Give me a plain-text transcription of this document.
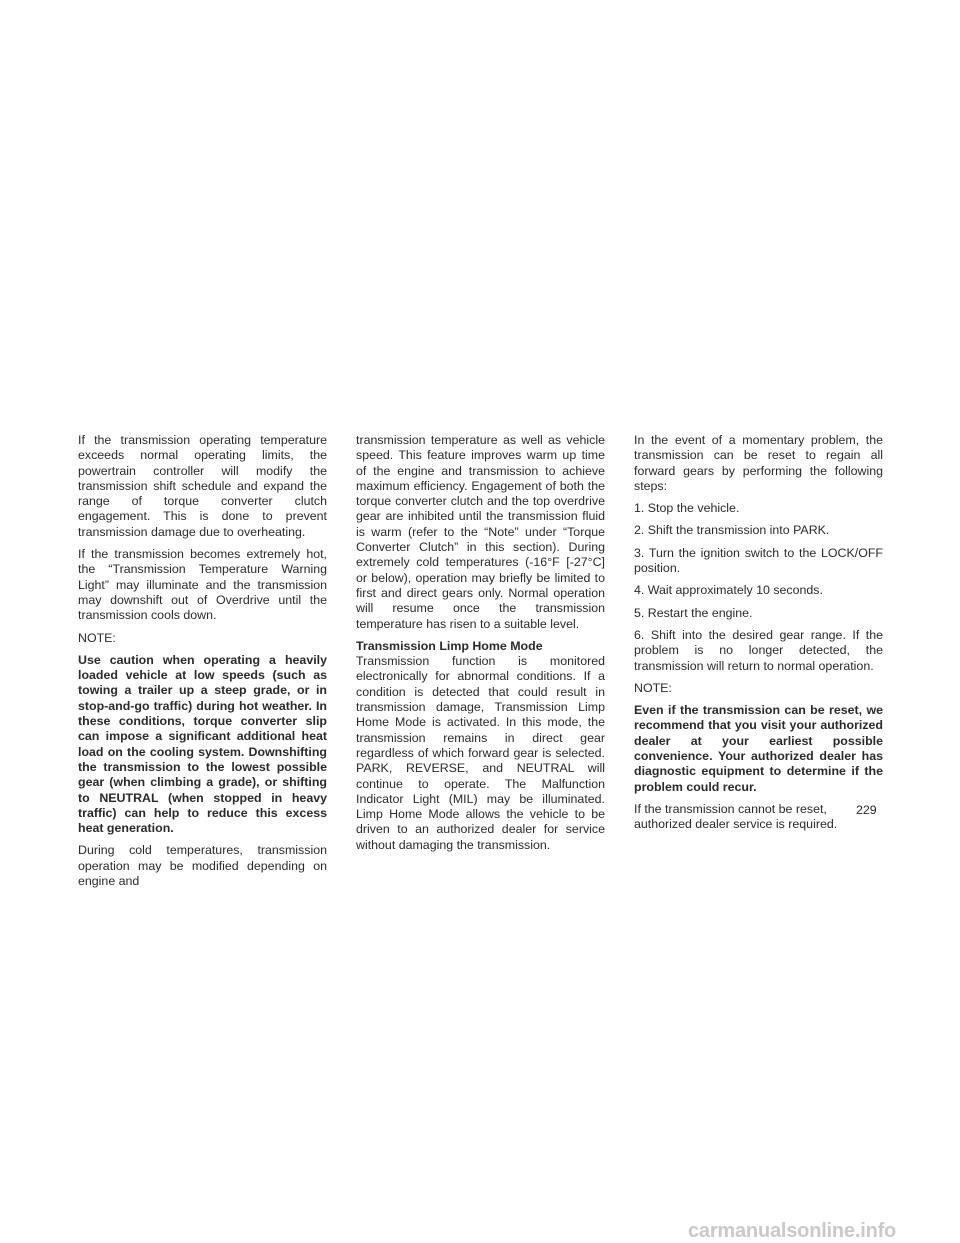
If the transmission operating temperature exceeds normal operating limits, the powertrain controller will modify the transmission shift schedule and expand the range of torque converter clutch engagement. This is done to prevent transmission damage due to overheating.

If the transmission becomes extremely hot, the “Transmission Temperature Warning Light” may illuminate and the transmission may downshift out of Overdrive until the transmission cools down.

NOTE:

Use caution when operating a heavily loaded vehicle at low speeds (such as towing a trailer up a steep grade, or in stop-and-go traffic) during hot weather. In these conditions, torque converter slip can impose a significant additional heat load on the cooling system. Downshifting the transmission to the lowest possible gear (when climbing a grade), or shifting to NEUTRAL (when stopped in heavy traffic) can help to reduce this excess heat generation.

During cold temperatures, transmission operation may be modified depending on engine and

transmission temperature as well as vehicle speed. This feature improves warm up time of the engine and transmission to achieve maximum efficiency. Engagement of both the torque converter clutch and the top overdrive gear are inhibited until the transmission fluid is warm (refer to the “Note” under “Torque Converter Clutch” in this section). During extremely cold temperatures (-16°F [-27°C] or below), operation may briefly be limited to first and direct gears only. Normal operation will resume once the transmission temperature has risen to a suitable level.

Transmission Limp Home Mode

Transmission function is monitored electronically for abnormal conditions. If a condition is detected that could result in transmission damage, Transmission Limp Home Mode is activated. In this mode, the transmission remains in direct gear regardless of which forward gear is selected. PARK, REVERSE, and NEUTRAL will continue to operate. The Malfunction Indicator Light (MIL) may be illuminated. Limp Home Mode allows the vehicle to be driven to an authorized dealer for service without damaging the transmission.

In the event of a momentary problem, the transmission can be reset to regain all forward gears by performing the following steps:

1. Stop the vehicle.

2. Shift the transmission into PARK.

3. Turn the ignition switch to the LOCK/OFF position.

4. Wait approximately 10 seconds.

5. Restart the engine.

6. Shift into the desired gear range. If the problem is no longer detected, the transmission will return to normal operation.

NOTE:

Even if the transmission can be reset, we recommend that you visit your authorized dealer at your earliest possible convenience. Your authorized dealer has diagnostic equipment to determine if the problem could recur.

If the transmission cannot be reset, authorized dealer service is required.

229
carmanualsonline.info
